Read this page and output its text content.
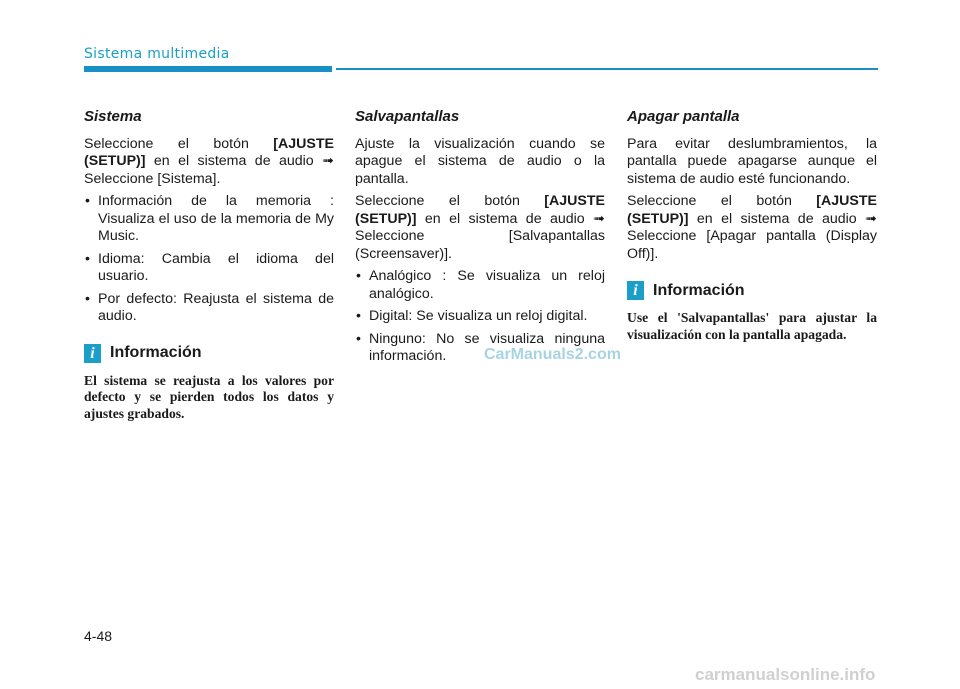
Sistema multimedia
Sistema

Seleccione el botón [AJUSTE (SETUP)] en el sistema de audio ➟ Seleccione [Sistema].

• Información de la memoria : Visualiza el uso de la memoria de My Music.
• Idioma: Cambia el idioma del usuario.
• Por defecto: Reajusta el sistema de audio.
i Información

El sistema se reajusta a los valores por defecto y se pierden todos los datos y ajustes grabados.

Salvapantallas

Ajuste la visualización cuando se apague el sistema de audio o la pantalla.

Seleccione el botón [AJUSTE (SETUP)] en el sistema de audio ➟ Seleccione [Salvapantallas (Screensaver)].

• Analógico : Se visualiza un reloj analógico.
• Digital: Se visualiza un reloj digital.
• Ninguno: No se visualiza ninguna información.
Apagar pantalla

Para evitar deslumbramientos, la pantalla puede apagarse aunque el sistema de audio esté funcionando.

Seleccione el botón [AJUSTE (SETUP)] en el sistema de audio ➟ Seleccione [Apagar pantalla (Display Off)].

i Información

Use el 'Salvapantallas' para ajustar la visualización con la pantalla apagada.

CarManuals2.com
4-48
carmanualsonline.info
